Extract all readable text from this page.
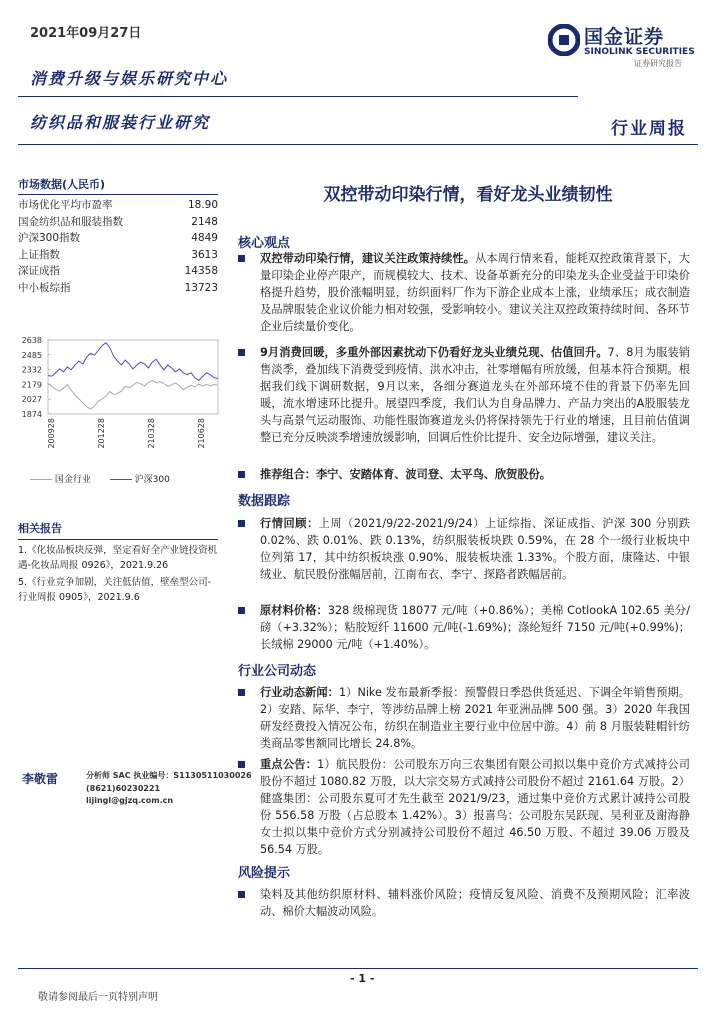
2021年09月27日	国金证券
SINOLINK SECURITIES
证券研究报告
消费升级与娱乐研究中心
纺织品和服装行业研究	行业周报
市场数据(人民币)
市场优化平均市盈率	18.90
国金纺织品和服装指数	2148
沪深300指数	4849
上证指数	3613
深证成指	14358
中小板综指	13723
2638
2485
2332
2179
2027
1874
200928	201228	210328	210628
国金行业	沪深300
相关报告
1.《化妆品板块反弹，坚定看好全产业链投资机遇-化妆品周报 0926》，2021.9.26
5.《行业竞争加剧，关注低估值，壁垒型公司-行业周报 0905》，2021.9.6
李敬雷	分析师 SAC 执业编号：S1130511030026
(8621)60230221
lijingl@gjzq.com.cn
双控带动印染行情，看好龙头业绩韧性
核心观点
双控带动印染行情，建议关注政策持续性。从本周行情来看，能耗双控政策背景下，大量印染企业停产限产，而规模较大、技术、设备革新充分的印染龙头企业受益于印染价格提升趋势，股价涨幅明显，纺织面料厂作为下游企业成本上涨，业绩承压；成衣制造及品牌服装企业议价能力相对较强，受影响较小。建议关注双控政策持续时间、各环节企业后续量价变化。
9月消费回暖，多重外部因素扰动下仍看好龙头业绩兑现、估值回升。7、8月为服装销售淡季，叠加线下消费受到疫情、洪水冲击，社零增幅有所放缓，但基本符合预期。根据我们线下调研数据，9月以来，各细分赛道龙头在外部环境不佳的背景下仍率先回暖，流水增速环比提升。展望四季度，我们认为自身品牌力、产品力突出的A股服装龙头与高景气运动服饰、功能性服饰赛道龙头仍将保持领先于行业的增速，且目前估值调整已充分反映淡季增速放缓影响，回调后性价比提升、安全边际增强，建议关注。
推荐组合：李宁、安踏体育、波司登、太平鸟、欣贺股份。
数据跟踪
行情回顾：上周（2021/9/22-2021/9/24）上证综指、深证成指、沪深 300 分别跌 0.02%、跌 0.01%、跌 0.13%，纺织服装板块跌 0.59%，在 28 个一级行业板块中位列第 17，其中纺织板块涨 0.90%、服装板块涨 1.33%。个股方面，康隆达、中银绒业、航民股份涨幅居前，江南布衣、李宁、探路者跌幅居前。
原材料价格：328 级棉现货 18077 元/吨（+0.86%）；美棉 CotlookA 102.65 美分/磅（+3.32%）；粘胶短纤 11600 元/吨(-1.69%)；涤纶短纤 7150 元/吨(+0.99%)；长绒棉 29000 元/吨（+1.40%）。
行业公司动态
行业动态新闻：1）Nike 发布最新季报：预警假日季恐供货延迟、下调全年销售预期。2）安踏、际华、李宁，等涉纺品牌上榜 2021 年亚洲品牌 500 强。3）2020 年我国研发经费投入情况公布，纺织在制造业主要行业中位居中游。4）前 8 月服装鞋帽针纺类商品零售额同比增长 24.8%。
重点公告：1）航民股份：公司股东万向三农集团有限公司拟以集中竞价方式减持公司股份不超过 1080.82 万股，以大宗交易方式减持公司股份不超过 2161.64 万股。2）健盛集团：公司股东夏可才先生截至 2021/9/23，通过集中竞价方式累计减持公司股份 556.58 万股（占总股本 1.42%）。3）报喜鸟：公司股东吴跃现、吴利亚及谢海静女士拟以集中竞价方式分别减持公司股份不超过 46.50 万股、不超过 39.06 万股及 56.54 万股。
风险提示
染料及其他纺织原材料、辅料涨价风险；疫情反复风险、消费不及预期风险；汇率波动、棉价大幅波动风险。
- 1 -
敬请参阅最后一页特别声明
